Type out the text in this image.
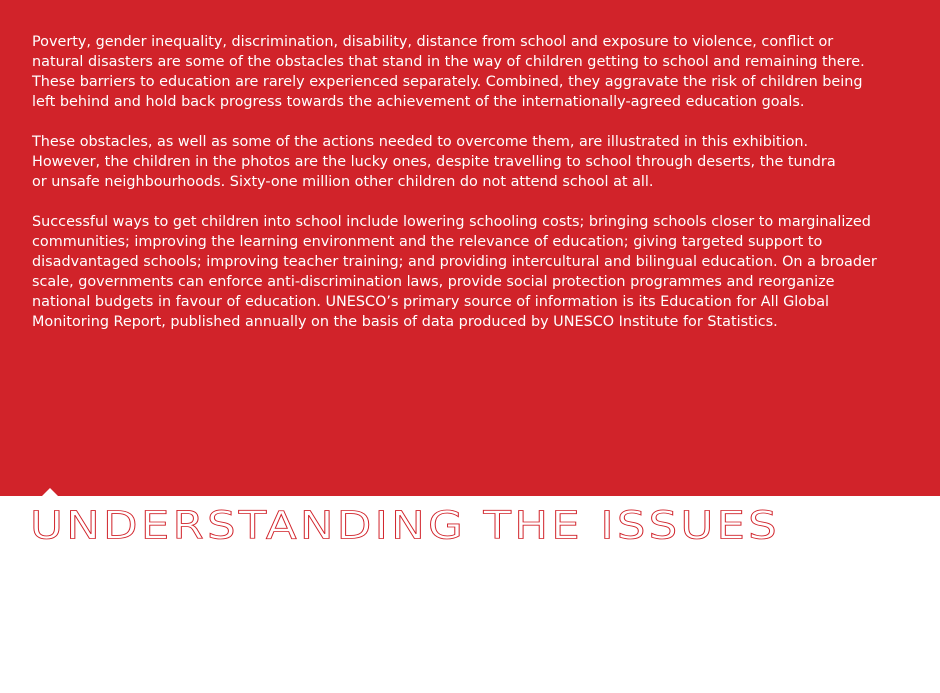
Poverty, gender inequality, discrimination, disability, distance from school and exposure to violence, conflict or
natural disasters are some of the obstacles that stand in the way of children getting to school and remaining there.
These barriers to education are rarely experienced separately. Combined, they aggravate the risk of children being
left behind and hold back progress towards the achievement of the internationally-agreed education goals.

These obstacles, as well as some of the actions needed to overcome them, are illustrated in this exhibition.
However, the children in the photos are the lucky ones, despite travelling to school through deserts, the tundra
or unsafe neighbourhoods. Sixty-one million other children do not attend school at all.

Successful ways to get children into school include lowering schooling costs; bringing schools closer to marginalized
communities; improving the learning environment and the relevance of education; giving targeted support to
disadvantaged schools; improving teacher training; and providing intercultural and bilingual education. On a broader
scale, governments can enforce anti-discrimination laws, provide social protection programmes and reorganize
national budgets in favour of education. UNESCO’s primary source of information is its Education for All Global
Monitoring Report, published annually on the basis of data produced by UNESCO Institute for Statistics.

UNDERSTANDING THE ISSUES
